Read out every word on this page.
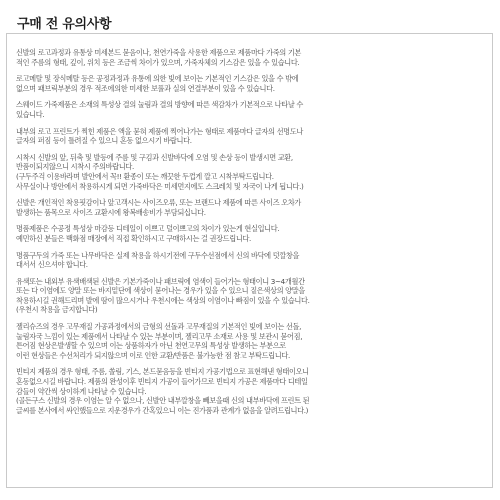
구매 전 유의사항
신발의 로고과정과 유통상 미세본드 묻음이나, 천연가죽을 사용한 제품으로 제품마다 가죽의 기본
적인 주름의 형태, 깊이, 위치 등은 조금씩 차이가 있으며, 가죽자체의 기스감은 있을 수 있습니다.
로고메탈 및 장식메탈 등은 공정과정과 유통에 의한 빛에 보이는 기본적인 기스감은 있을 수 밖에
없으며 패브릭부분의 경우 적조에의한 미세한 보풀과 실의 연결부분이 있을 수 있습니다.
스웨이드 가죽제품은 소재의 특성상 결의 눌림과 결의 방향에 따른 색감차가 기본적으로 나타날 수
있습니다.
내부의 로고 프린트가 찍힌 제품은 액을 묻혀 제품에 찍어나가는 형태로 제품마다 글자의 선명도나
글자의 퍼짐 등이 틀려질 수 있으니 혼동 없으시기 바랍니다.
시착시 신발의 앞, 뒤축 및 발등에 주름 및 구김과 신발바닥에 오염 및 손상 등이 발생시면 교환,
반품이되지않으니 시착시 주의바랍니다.
(구두주걱 이용바라며 발안에서 꼭!! 환종이 또는 깨끗한 두껍게 깔고 시착부탁드립니다.
사무실이나 방안에서 착용하시게 되면 가죽바닥은 미세먼지에도 스크레치 및 자국이 나게 됩니다.)
신발은 개인적인 착용핏감이나 앞고객시는 사이즈오류, 또는 브랜드나 제품에 따른 사이즈 오차가
발생하는 품목으로 사이즈 교환시에 왕복배송비가 부담되십니다.
명품제품은 수공정 특성상 마감등 디테일이 이쁘고 덜이쁘고의 차이가 있는게 현실입니다.
예민하신 분들은 백화점 매장에서 직접 확인하시고 구매하시는 걸 권장드립니다.
명품구두의 가죽 또는 나무바닥은 실제 착용을 하시기전에 구두수선점에서 신의 바닥에 덧깔창을
대서서 신으셔야 합니다.
유색또는 내외부 유색배색된 신발은 기본가죽이나 패브릭에 염색이 들어가는 형태이니 3~4개월간
또는 다 이염에도 양말 또는 바지밑단에 색상이 묻어나는 경우가 있을 수 있으니 짙은색상의 양말을
착용하시길 권해드리며 발에 땀이 많으시거나 우천시에는 색상의 이염이나 빠짐이 있을 수 있습니다.
(우천시 착용을 금지합니다)
젤리슈즈의 경우 고무재질 가공과정에서의 금형의 선돌과 고무재질의 기본적인 빛에 보이는 선돌,
눌림자국 느낌이 있는 제품에서 나타날 수 있는 부분이며, 젤리고무 소재로 사용 및 보관시 묻어짐,
튼어짐 현상은발생할 수 있으며 이는 상품하자가 아닌 천연고무의 특성상 발생하는 부분으로
이런 현상들은 수선처리가 되지않으며 이로 인한 교환/반품은 불가능한 점 참고 부탁드립니다.
빈티지 제품의 경우 형태, 주름, 쏠림, 기스, 본드묻음등을 빈티지 가공기법으로 표현해낸 형태이오니
혼동없으시길 바랍니다. 제품의 완성이후 빈티지 가공이 들어가므로 빈티지 가공은 제품마다 디테일
감들이 약간씩 상이하게 나타날 수 있습니다.
(골든구스 신발의 경우 이염는 알 수 없으나, 신발안 내부깔창을 빼보을때 신의 내부바닥에 프린트 된
글씨를 본사에서 싸인했들으로 지운경우가 간혹있으니 이는 진가품과 관계가 없음을 알려드립니다.)
